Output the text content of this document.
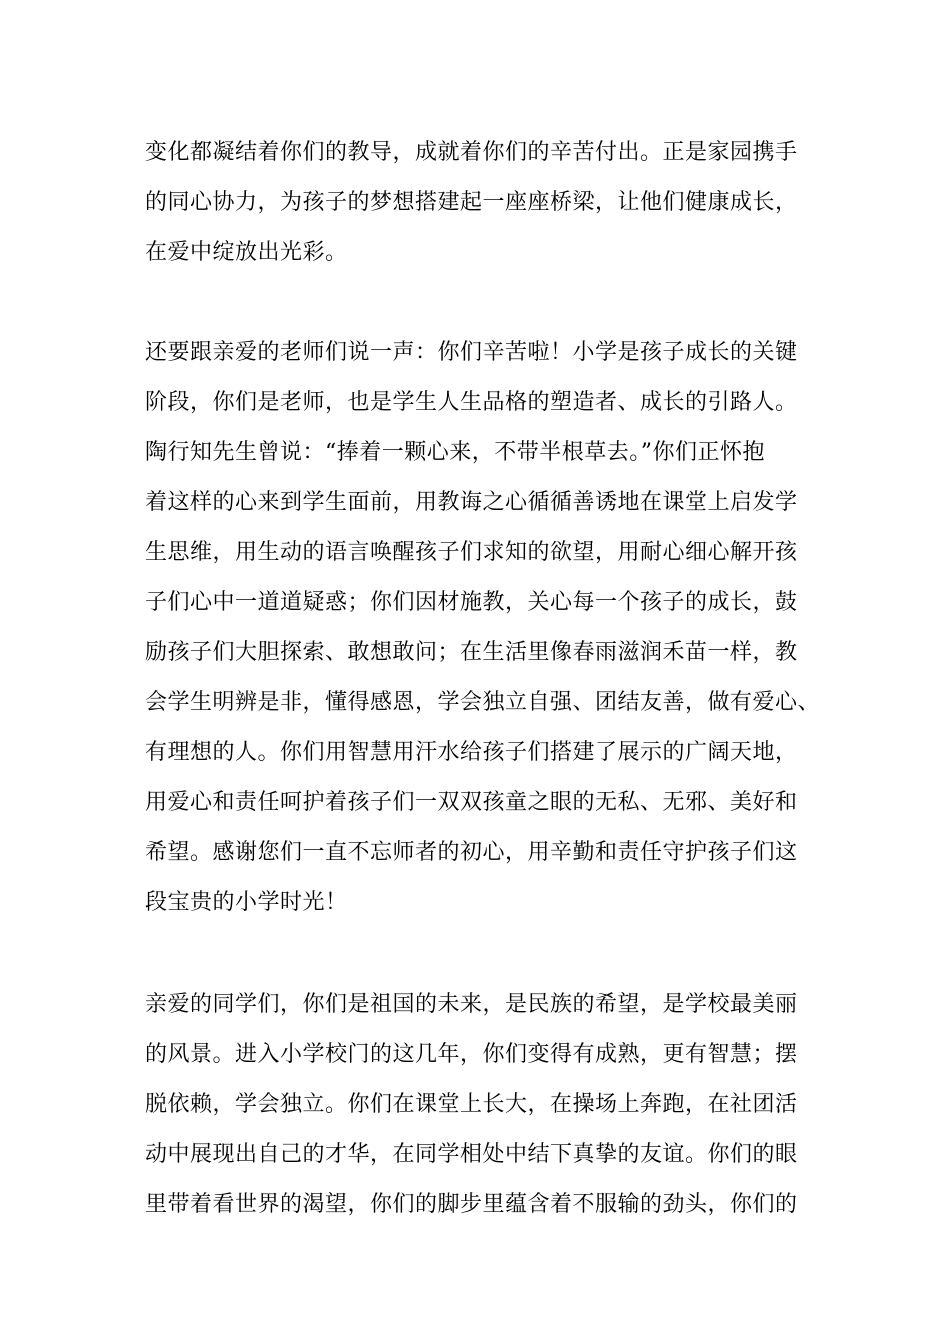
变化都凝结着你们的教导，成就着你们的辛苦付出。正是家园携手
的同心协力，为孩子的梦想搭建起一座座桥梁，让他们健康成长，
在爱中绽放出光彩。
还要跟亲爱的老师们说一声：你们辛苦啦！小学是孩子成长的关键
阶段，你们是老师，也是学生人生品格的塑造者、成长的引路人。
陶行知先生曾说：“捧着一颗心来，不带半根草去。”你们正怀抱
着这样的心来到学生面前，用教诲之心循循善诱地在课堂上启发学
生思维，用生动的语言唤醒孩子们求知的欲望，用耐心细心解开孩
子们心中一道道疑惑；你们因材施教，关心每一个孩子的成长，鼓
励孩子们大胆探索、敢想敢问；在生活里像春雨滋润禾苗一样，教
会学生明辨是非，懂得感恩，学会独立自强、团结友善，做有爱心、
有理想的人。你们用智慧用汗水给孩子们搭建了展示的广阔天地，
用爱心和责任呵护着孩子们一双双孩童之眼的无私、无邪、美好和
希望。感谢您们一直不忘师者的初心，用辛勤和责任守护孩子们这
段宝贵的小学时光！
亲爱的同学们，你们是祖国的未来，是民族的希望，是学校最美丽
的风景。进入小学校门的这几年，你们变得有成熟，更有智慧；摆
脱依赖，学会独立。你们在课堂上长大，在操场上奔跑，在社团活
动中展现出自己的才华，在同学相处中结下真挚的友谊。你们的眼
里带着看世界的渴望，你们的脚步里蕴含着不服输的劲头，你们的
